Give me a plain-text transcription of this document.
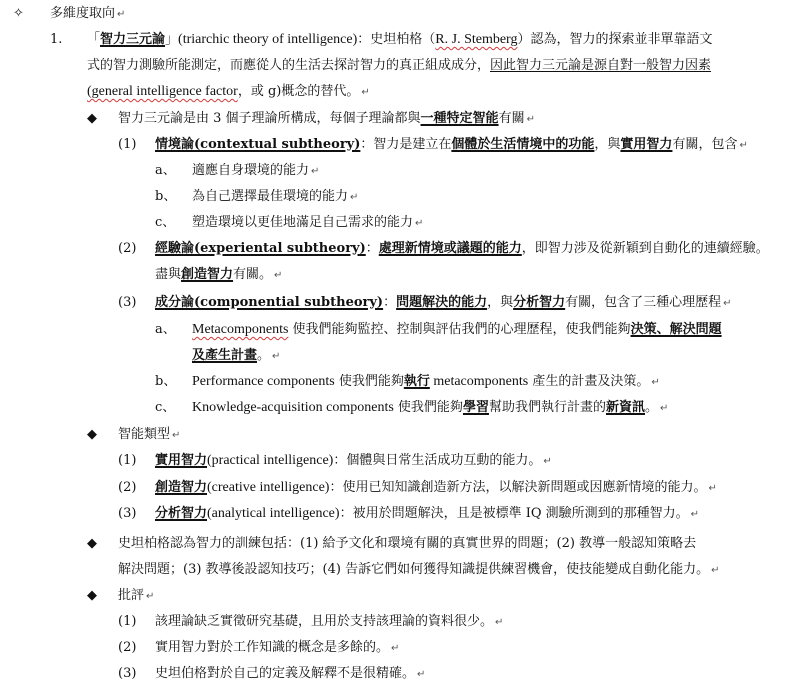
✧ 多維度取向 ↵
1. 「智力三元論」(triarchic theory of intelligence)：史坦柏格（R. J. Stemberg）認為，智力的探索並非單靠語文
式的智力測驗所能測定，而應從人的生活去探討智力的真正組成成分，因此智力三元論是源自對一般智力因素
(general intelligence factor，或 g)概念的替代。 ↵
◆ 智力三元論是由 3 個子理論所構成，每個子理論都與一種特定智能有關 ↵
(1) 情境論(contextual subtheory)：智力是建立在個體於生活情境中的功能，與實用智力有關，包含 ↵
a、 適應自身環境的能力 ↵
b、 為自己選擇最佳環境的能力 ↵
c、 塑造環境以更佳地滿足自己需求的能力 ↵
(2) 經驗論(experiental subtheory)：處理新情境或議題的能力，即智力涉及從新穎到自動化的連續經驗。
盡與創造智力有關。 ↵
(3) 成分論(componential subtheory)：問題解決的能力，與分析智力有關，包含了三種心理歷程 ↵
a、 Metacomponents 使我們能夠監控、控制與評估我們的心理歷程，使我們能夠決策、解決問題
及產生計畫。 ↵
b、 Performance components 使我們能夠執行 metacomponents 產生的計畫及決策。 ↵
c、 Knowledge-acquisition components 使我們能夠學習幫助我們執行計畫的新資訊。 ↵
◆ 智能類型 ↵
(1) 實用智力(practical intelligence)：個體與日常生活成功互動的能力。 ↵
(2) 創造智力(creative intelligence)：使用已知知識創造新方法，以解決新問題或因應新情境的能力。 ↵
(3) 分析智力(analytical intelligence)：被用於問題解決，且是被標準 IQ 測驗所測到的那種智力。 ↵
◆ 史坦柏格認為智力的訓練包括：(1) 給予文化和環境有關的真實世界的問題；(2) 教導一般認知策略去
解決問題；(3) 教導後設認知技巧；(4) 告訴它們如何獲得知識提供練習機會，使技能變成自動化能力。 ↵
◆ 批評 ↵
(1) 該理論缺乏實徵研究基礎，且用於支持該理論的資料很少。 ↵
(2) 實用智力對於工作知識的概念是多餘的。 ↵
(3) 史坦伯格對於自己的定義及解釋不是很精確。 ↵
